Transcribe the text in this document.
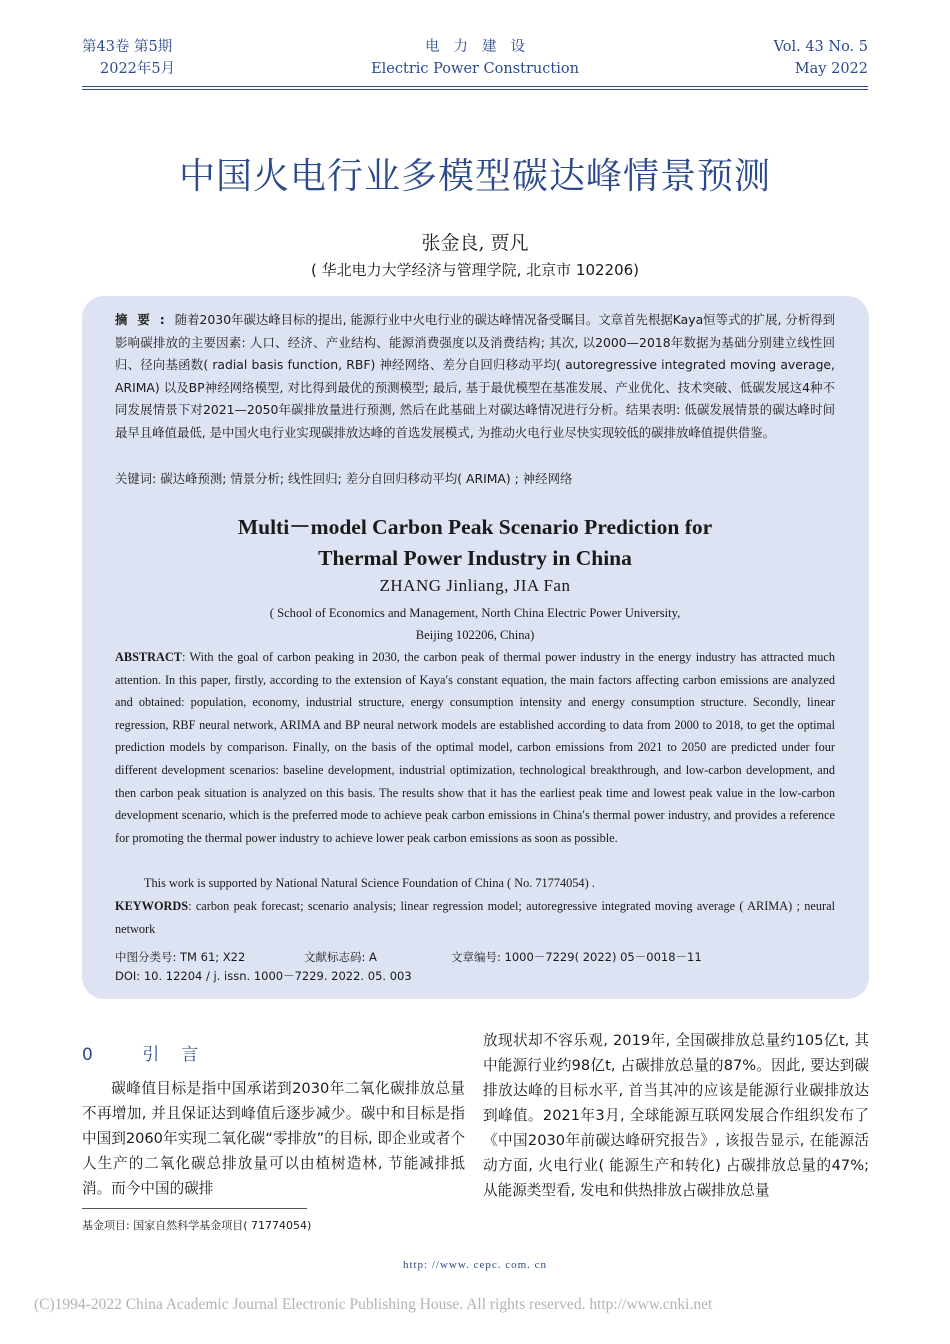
第43卷 第5期
2022年5月
电力建设
Electric Power Construction
Vol. 43 No. 5
May 2022
中国火电行业多模型碳达峰情景预测
张金良, 贾凡
( 华北电力大学经济与管理学院, 北京市 102206)
摘要:随着2030年碳达峰目标的提出, 能源行业中火电行业的碳达峰情况备受瞩目。文章首先根据Kaya恒等式的扩展, 分析得到影响碳排放的主要因素: 人口、经济、产业结构、能源消费强度以及消费结构; 其次, 以2000—2018年数据为基础分别建立线性回归、径向基函数( radial basis function, RBF) 神经网络、差分自回归移动平均( autoregressive integrated moving average, ARIMA) 以及BP神经网络模型, 对比得到最优的预测模型; 最后, 基于最优模型在基准发展、产业优化、技术突破、低碳发展这4种不同发展情景下对2021—2050年碳排放量进行预测, 然后在此基础上对碳达峰情况进行分析。结果表明: 低碳发展情景的碳达峰时间最早且峰值最低, 是中国火电行业实现碳排放达峰的首选发展模式, 为推动火电行业尽快实现较低的碳排放峰值提供借鉴。
关键词: 碳达峰预测; 情景分析; 线性回归; 差分自回归移动平均( ARIMA) ; 神经网络
Multi－model Carbon Peak Scenario Prediction for
Thermal Power Industry in China
ZHANG Jinliang, JIA Fan
( School of Economics and Management, North China Electric Power University,
Beijing 102206, China)
ABSTRACT: With the goal of carbon peaking in 2030, the carbon peak of thermal power industry in the energy industry has attracted much attention. In this paper, firstly, according to the extension of Kaya′s constant equation, the main factors affecting carbon emissions are analyzed and obtained: population, economy, industrial structure, energy consumption intensity and energy consumption structure. Secondly, linear regression, RBF neural network, ARIMA and BP neural network models are established according to data from 2000 to 2018, to get the optimal prediction models by comparison. Finally, on the basis of the optimal model, carbon emissions from 2021 to 2050 are predicted under four different development scenarios: baseline development, industrial optimization, technological breakthrough, and low-carbon development, and then carbon peak situation is analyzed on this basis. The results show that it has the earliest peak time and lowest peak value in the low-carbon development scenario, which is the preferred mode to achieve peak carbon emissions in China′s thermal power industry, and provides a reference for promoting the thermal power industry to achieve lower peak carbon emissions as soon as possible.
This work is supported by National Natural Science Foundation of China ( No. 71774054) .
KEYWORDS: carbon peak forecast; scenario analysis; linear regression model; autoregressive integrated moving average ( ARIMA) ; neural network
中图分类号: TM 61; X22	文献标志码: A	文章编号: 1000－7229( 2022) 05－0018－11
DOI: 10. 12204 / j. issn. 1000－7229. 2022. 05. 003
0 引言
碳峰值目标是指中国承诺到2030年二氧化碳排放总量不再增加, 并且保证达到峰值后逐步减少。碳中和目标是指中国到2060年实现二氧化碳“零排放”的目标, 即企业或者个人生产的二氧化碳总排放量可以由植树造林, 节能减排抵消。而今中国的碳排
放现状却不容乐观, 2019年, 全国碳排放总量约105亿t, 其中能源行业约98亿t, 占碳排放总量的87%。因此, 要达到碳排放达峰的目标水平, 首当其冲的应该是能源行业碳排放达到峰值。2021年3月, 全球能源互联网发展合作组织发布了《中国2030年前碳达峰研究报告》, 该报告显示, 在能源活动方面, 火电行业( 能源生产和转化) 占碳排放总量的47%; 从能源类型看, 发电和供热排放占碳排放总量
基金项目: 国家自然科学基金项目( 71774054)
http: //www. cepc. com. cn
(C)1994-2022 China Academic Journal Electronic Publishing House. All rights reserved. http://www.cnki.net
